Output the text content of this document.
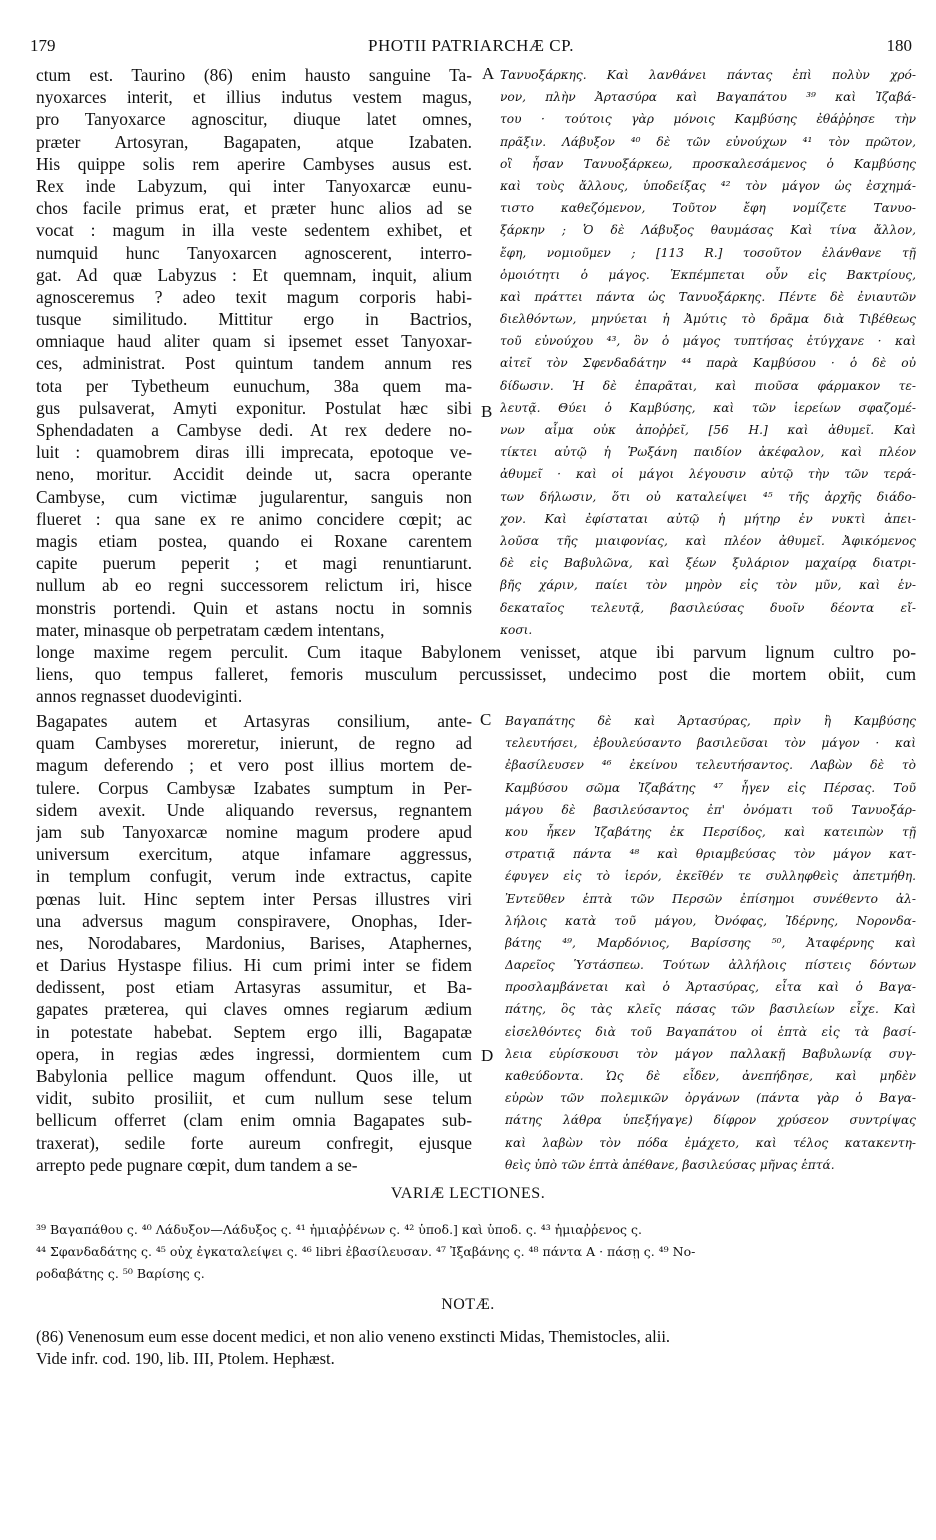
179	PHOTII PATRIARCHÆ CP.	180
ctum est. Taurino (86) enim hausto sanguine Ta-
nyoxarces interit, et illius indutus vestem magus,
pro Tanyoxarce agnoscitur, diuque latet omnes,
præter Artosyran, Bagapaten, atque Izabaten.
His quippe solis rem aperire Cambyses ausus est.
Rex inde Labyzum, qui inter Tanyoxarcæ eunu-
chos facile primus erat, et præter hunc alios ad se
vocat : magum in illa veste sedentem exhibet, et
numquid hunc Tanyoxarcen agnoscerent, interro-
gat. Ad quæ Labyzus : Et quemnam, inquit, alium
agnosceremus ? adeo texit magum corporis habi-
tusque similitudo. Mittitur ergo in Bactrios,
omniaque haud aliter quam si ipsemet esset Tanyoxar-
ces, administrat. Post quintum tandem annum res
tota per Tybetheum eunuchum, 38a quem ma-
gus pulsaverat, Amyti exponitur. Postulat hæc sibi
Sphendadaten a Cambyse dedi. At rex dedere no-
luit : quamobrem diras illi imprecata, epotoque ve-
neno, moritur. Accidit deinde ut, sacra operante
Cambyse, cum victimæ jugularentur, sanguis non
flueret : qua sane ex re animo concidere cœpit; ac
magis etiam postea, quando ei Roxane carentem
capite puerum peperit ; et magi renuntiarunt.
nullum ab eo regni successorem relictum iri, hisce
monstris portendi. Quin et astans noctu in somnis
mater, minasque ob perpetratam cædem intentans,
Τανυοξάρκης. Καὶ λανθάνει πάντας ἐπὶ πολὺν χρό-
νον, πλὴν Ἀρτασύρα καὶ Βαγαπάτου ³⁹ καὶ Ἰζαβά-
του · τούτοις γὰρ μόνοις Καμβύσης ἐθάῤῥησε τὴν
πρᾶξιν. Λάβυξον ⁴⁰ δὲ τῶν εὐνούχων ⁴¹ τὸν πρῶτον,
οἳ ἦσαν Τανυοξάρκεω, προσκαλεσάμενος ὁ Καμβύσης
καὶ τοὺς ἄλλους, ὑποδείξας ⁴² τὸν μάγον ὡς ἐσχημά-
τιστο καθεζόμενον, Τοῦτον ἔφη νομίζετε Τανυο-
ξάρκην ; Ὁ δὲ Λάβυξος θαυμάσας Καὶ τίνα ἄλλον,
ἔφη, νομιοῦμεν ; [113 R.] τοσοῦτον ἐλάνθανε τῇ
ὁμοιότητι ὁ μάγος. Ἐκπέμπεται οὖν εἰς Βακτρίους,
καὶ πράττει πάντα ὡς Τανυοξάρκης. Πέντε δὲ ἐνιαυτῶν
διελθόντων, μηνύεται ἡ Ἀμύτις τὸ δρᾶμα διὰ Τιβέθεως
τοῦ εὐνούχου ⁴³, ὃν ὁ μάγος τυπτήσας ἐτύγχανε · καὶ
αἰτεῖ τὸν Σφενδαδάτην ⁴⁴ παρὰ Καμβύσου · ὁ δὲ οὐ
δίδωσιν. Ἡ δὲ ἐπαρᾶται, καὶ πιοῦσα φάρμακον τε-
λευτᾷ. Θύει ὁ Καμβύσης, καὶ τῶν ἱερείων σφαζομέ-
νων αἷμα οὐκ ἀποῤῥεῖ, [56 H.] καὶ ἀθυμεῖ. Καὶ
τίκτει αὐτῷ ἡ Ῥωξάνη παιδίον ἀκέφαλον, καὶ πλέον
ἀθυμεῖ · καὶ οἱ μάγοι λέγουσιν αὐτῷ τὴν τῶν τερά-
των δήλωσιν, ὅτι οὐ καταλείψει ⁴⁵ τῆς ἀρχῆς διάδο-
χον. Καὶ ἐφίσταται αὐτῷ ἡ μήτηρ ἐν νυκτὶ ἀπει-
λοῦσα τῆς μιαιφονίας, καὶ πλέον ἀθυμεῖ. Ἀφικόμενος
δὲ εἰς Βαβυλῶνα, καὶ ξέων ξυλάριον μαχαίρᾳ διατρι-
βῆς χάριν, παίει τὸν μηρὸν εἰς τὸν μῦν, καὶ ἑν-
δεκαταῖος τελευτᾷ, βασιλεύσας δυοῖν δέοντα εἴ-
κοσι.
A
B
longe maxime regem perculit. Cum itaque Babylonem venisset, atque ibi parvum lignum cultro po-
liens, quo tempus falleret, femoris musculum percussisset, undecimo post die mortem obiit, cum
annos regnasset duodeviginti.
Bagapates autem et Artasyras consilium, ante-
quam Cambyses moreretur, inierunt, de regno ad
magum deferendo ; et vero post illius mortem de-
tulere. Corpus Cambysæ Izabates sumptum in Per-
sidem avexit. Unde aliquando reversus, regnantem
jam sub Tanyoxarcæ nomine magum prodere apud
universum exercitum, atque infamare aggressus,
in templum confugit, verum inde extractus, capite
pœnas luit. Hinc septem inter Persas illustres viri
una adversus magum conspiravere, Onophas, Ider-
nes, Norodabares, Mardonius, Barises, Ataphernes,
et Darius Hystaspe filius. Hi cum primi inter se fidem
dedissent, post etiam Artasyras assumitur, et Ba-
gapates præterea, qui claves omnes regiarum ædium
in potestate habebat. Septem ergo illi, Bagapatæ
opera, in regias ædes ingressi, dormientem cum
Babylonia pellice magum offendunt. Quos ille, ut
vidit, subito prosiliit, et cum nullum sese telum
bellicum offerret (clam enim omnia Bagapates sub-
traxerat), sedile forte aureum confregit, ejusque
arrepto pede pugnare cœpit, dum tandem a se-
Βαγαπάτης δὲ καὶ Ἀρτασύρας, πρὶν ἢ Καμβύσης
τελευτήσει, ἐβουλεύσαντο βασιλεῦσαι τὸν μάγον · καὶ
ἐβασίλευσεν ⁴⁶ ἐκείνου τελευτήσαντος. Λαβὼν δὲ τὸ
Καμβύσου σῶμα Ἰζαβάτης ⁴⁷ ἦγεν εἰς Πέρσας. Τοῦ
μάγου δὲ βασιλεύσαντος ἐπ' ὀνόματι τοῦ Τανυοξάρ-
κου ἧκεν Ἰζαβάτης ἐκ Περσίδος, καὶ κατειπὼν τῇ
στρατιᾷ πάντα ⁴⁸ καὶ θριαμβεύσας τὸν μάγον κατ-
έφυγεν εἰς τὸ ἱερόν, ἐκεῖθέν τε συλληφθεὶς ἀπετμήθη.
Ἐντεῦθεν ἑπτὰ τῶν Περσῶν ἐπίσημοι συνέθεντο ἀλ-
λήλοις κατὰ τοῦ μάγου, Ὀνόφας, Ἰδέρνης, Νορονδα-
βάτης ⁴⁹, Μαρδόνιος, Βαρίσσης ⁵⁰, Ἀταφέρνης καὶ
Δαρεῖος Ὑστάσπεω. Τούτων ἀλλήλοις πίστεις δόντων
προσλαμβάνεται καὶ ὁ Ἀρτασύρας, εἶτα καὶ ὁ Βαγα-
πάτης, ὃς τὰς κλεῖς πάσας τῶν βασιλείων εἶχε. Καὶ
εἰσελθόντες διὰ τοῦ Βαγαπάτου οἱ ἑπτὰ εἰς τὰ βασί-
λεια εὑρίσκουσι τὸν μάγον παλλακῇ Βαβυλωνίᾳ συγ-
καθεύδοντα. Ὡς δὲ εἶδεν, ἀνεπήδησε, καὶ μηδὲν
εὑρὼν τῶν πολεμικῶν ὀργάνων (πάντα γὰρ ὁ Βαγα-
πάτης λάθρα ὑπεξήγαγε) δίφρον χρύσεον συντρίψας
καὶ λαβὼν τὸν πόδα ἐμάχετο, καὶ τέλος κατακεντη-
θεὶς ὑπὸ τῶν ἑπτὰ ἀπέθανε, βασιλεύσας μῆνας ἑπτά.
C
D
VARIÆ LECTIONES.
³⁹ Βαγαπάθου ς. ⁴⁰ Λάδυξον—Λάδυξος ς. ⁴¹ ἡμιαῤῥένων ς. ⁴² ὑποδ.] καὶ ὑποδ. ς. ⁴³ ἡμιαῤῥενος ς.
⁴⁴ Σφανδαδάτης ς. ⁴⁵ οὐχ ἐγκαταλείψει ς. ⁴⁶ libri ἐβασίλευσαν. ⁴⁷ Ἰξαβάνης ς. ⁴⁸ πάντα A · πάσῃ ς. ⁴⁹ Νο-
ροδαβάτης ς. ⁵⁰ Βαρίσης ς.
NOTÆ.
(86) Venenosum eum esse docent medici, et non alio veneno exstincti Midas, Themistocles, alii.
Vide infr. cod. 190, lib. III, Ptolem. Hephæst.
